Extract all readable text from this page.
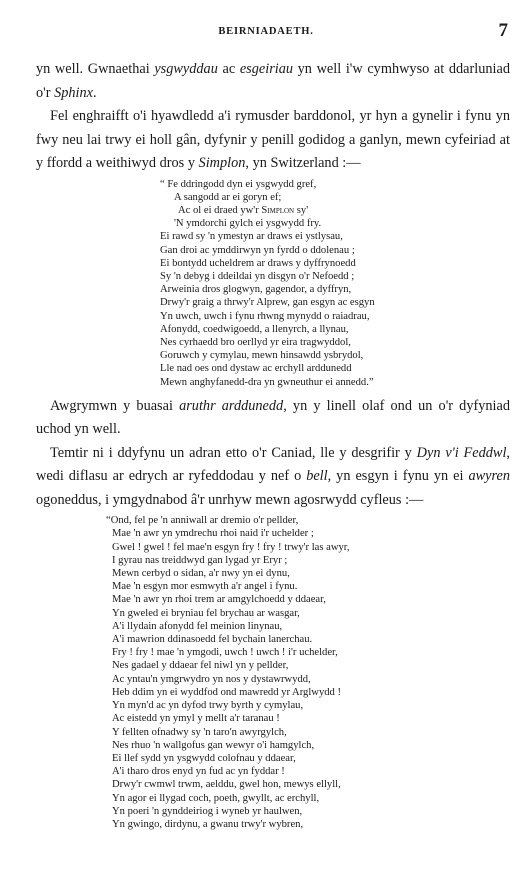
BEIRNIADAETH.	7

yn well. Gwnaethai ysgwyddau ac esgeiriau yn well i'w cymhwyso at ddarluniad o'r Sphinx.

Fel enghraifft o'i hyawdledd a'i rymusder barddonol, yr hyn a gynelir i fynu yn fwy neu lai trwy ei holl gân, dyfynir y penill godidog a ganlyn, mewn cyfeiriad at y ffordd a weithiwyd dros y Simplon, yn Switzerland :—

“ Fe ddringodd dyn ei ysgwydd gref,
A sangodd ar ei goryn ef;
Ac ol ei draed yw'r Simplon sy'
'N ymdorchi gylch ei ysgwydd fry.
Ei rawd sy 'n ymestyn ar draws ei ystlysau,
Gan droi ac ymddirwyn yn fyrdd o ddolenau ;
Ei bontydd ucheldrem ar draws y dyffrynoedd
Sy 'n debyg i ddeildai yn disgyn o'r Nefoedd ;
Arweinia dros glogwyn, gagendor, a dyffryn,
Drwy'r graig a thrwy'r Alprew, gan esgyn ac esgyn
Yn uwch, uwch i fynu rhwng mynydd o raiadrau,
Afonydd, coedwigoedd, a llenyrch, a llynau,
Nes cyrhaedd bro oerllyd yr eira tragwyddol,
Goruwch y cymylau, mewn hinsawdd ysbrydol,
Lle nad oes ond dystaw ac erchyll arddunedd
Mewn anghyfanedd-dra yn gwneuthur ei annedd.”

Awgrymwn y buasai aruthr arddunedd, yn y linell olaf ond un o'r dyfyniad uchod yn well.

Temtir ni i ddyfynu un adran etto o'r Caniad, lle y desgrifir y Dyn v'i Feddwl, wedi diflasu ar edrych ar ryfeddodau y nef o bell, yn esgyn i fynu yn ei awyren ogoneddus, i ymgydnabod â'r unrhyw mewn agosrwydd cyfleus :—

“Ond, fel pe 'n anniwall ar dremio o'r pellder,
Mae 'n awr yn ymdrechu rhoi naid i'r uchelder ;
Gwel ! gwel ! fel mae'n esgyn fry ! fry ! trwy'r las awyr,
I gyrau nas treiddwyd gan lygad yr Eryr ;
Mewn cerbyd o sidan, a'r nwy yn ei dynu,
Mae 'n esgyn mor esmwyth a'r angel i fynu.
Mae 'n awr yn rhoi trem ar amgylchoedd y ddaear,
Yn gweled ei bryniau fel brychau ar wasgar,
A'i llydain afonydd fel meinion linynau,
A'i mawrion ddinasoedd fel bychain lanerchau.
Fry ! fry ! mae 'n ymgodi, uwch ! uwch ! i'r uchelder,
Nes gadael y ddaear fel niwl yn y pellder,
Ac yntau'n ymgrwydro yn nos y dystawrwydd,
Heb ddim yn ei wyddfod ond mawredd yr Arglwydd !
Yn myn'd ac yn dyfod trwy byrth y cymylau,
Ac eistedd yn ymyl y mellt a'r taranau !
Y fellten ofnadwy sy 'n taro'n awyrgylch,
Nes rhuo 'n wallgofus gan wewyr o'i hamgylch,
Ei llef sydd yn ysgwydd colofnau y ddaear,
A'i tharo dros enyd yn fud ac yn fyddar !
Drwy'r cwmwl trwm, aelddu, gwel hon, mewys ellyll,
Yn agor ei llygad coch, poeth, gwyllt, ac erchyll,
Yn poeri 'n gynddeiriog i wyneb yr haulwen,
Yn gwingo, dirdynu, a gwanu trwy'r wybren,
